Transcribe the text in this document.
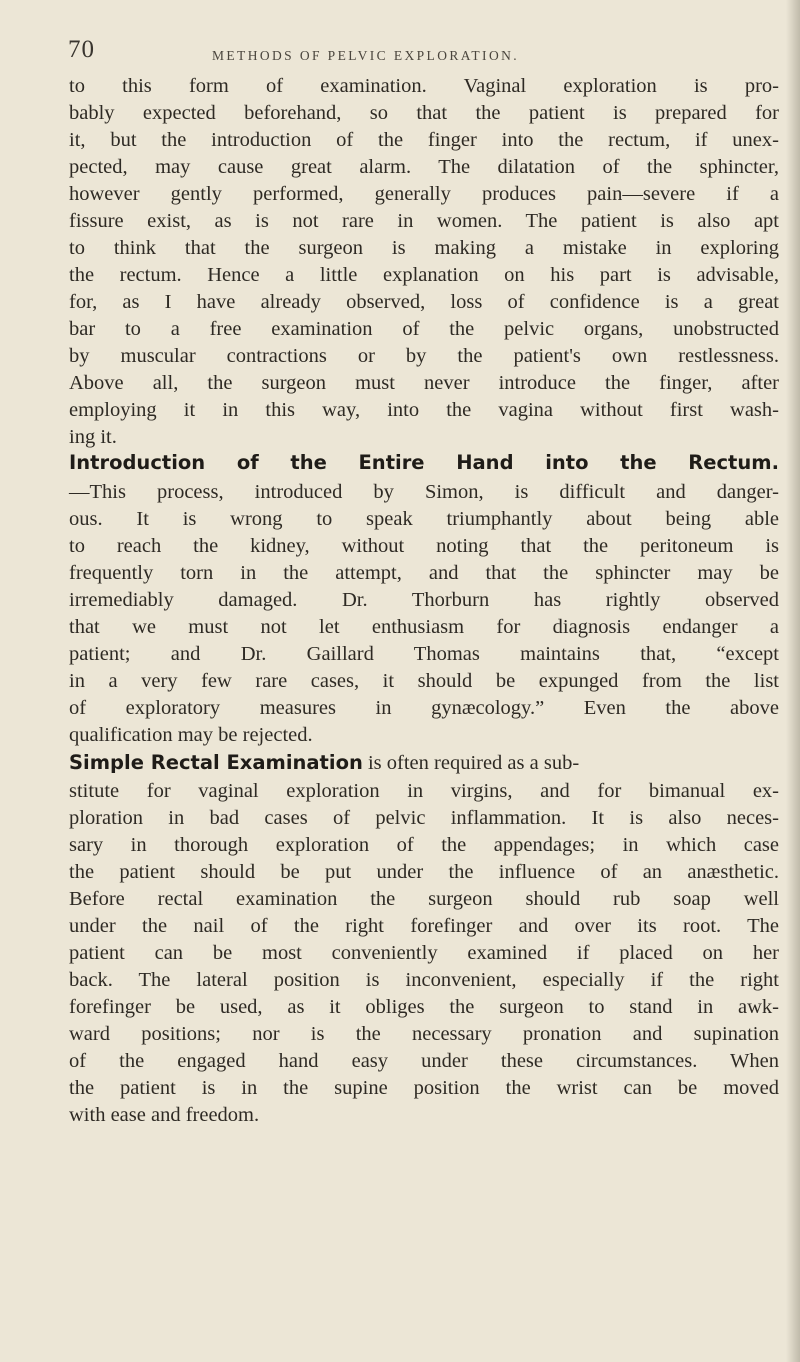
70	METHODS OF PELVIC EXPLORATION.
to this form of examination. Vaginal exploration is pro-
bably expected beforehand, so that the patient is prepared for
it, but the introduction of the finger into the rectum, if unex-
pected, may cause great alarm. The dilatation of the sphincter,
however gently performed, generally produces pain—severe if a
fissure exist, as is not rare in women. The patient is also apt
to think that the surgeon is making a mistake in exploring
the rectum. Hence a little explanation on his part is advisable,
for, as I have already observed, loss of confidence is a great
bar to a free examination of the pelvic organs, unobstructed
by muscular contractions or by the patient's own restlessness.
Above all, the surgeon must never introduce the finger, after
employing it in this way, into the vagina without first wash-
ing it.
Introduction of the Entire Hand into the Rectum.
—This process, introduced by Simon, is difficult and danger-
ous. It is wrong to speak triumphantly about being able
to reach the kidney, without noting that the peritoneum is
frequently torn in the attempt, and that the sphincter may be
irremediably damaged. Dr. Thorburn has rightly observed
that we must not let enthusiasm for diagnosis endanger a
patient; and Dr. Gaillard Thomas maintains that, “except
in a very few rare cases, it should be expunged from the list
of exploratory measures in gynæcology.” Even the above
qualification may be rejected.
Simple Rectal Examination is often required as a sub-
stitute for vaginal exploration in virgins, and for bimanual ex-
ploration in bad cases of pelvic inflammation. It is also neces-
sary in thorough exploration of the appendages; in which case
the patient should be put under the influence of an anæsthetic.
Before rectal examination the surgeon should rub soap well
under the nail of the right forefinger and over its root. The
patient can be most conveniently examined if placed on her
back. The lateral position is inconvenient, especially if the right
forefinger be used, as it obliges the surgeon to stand in awk-
ward positions; nor is the necessary pronation and supination
of the engaged hand easy under these circumstances. When
the patient is in the supine position the wrist can be moved
with ease and freedom.
